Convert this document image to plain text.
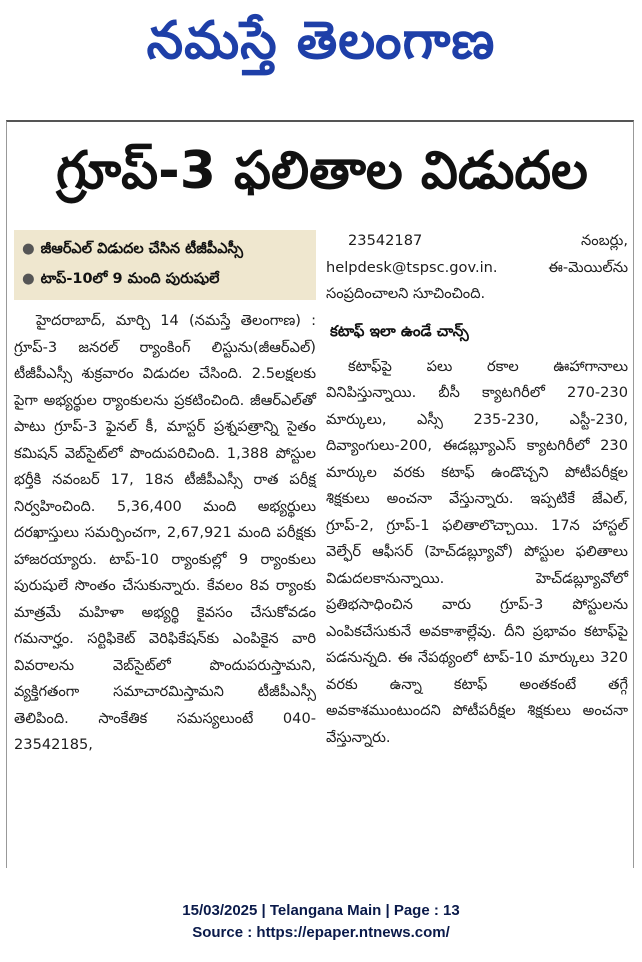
నమస్తే తెలంగాణ
గ్రూప్-3 ఫలితాల విడుదల
● జీఆర్ఎల్ విడుదల చేసిన టీజీపీఎస్సీ
● టాప్-10లో 9 మంది పురుషులే

హైదరాబాద్, మార్చి 14 (నమస్తే తెలంగాణ) : గ్రూప్-3 జనరల్ ర్యాంకింగ్ లిస్టును(జీఆర్ఎల్) టీజీపీఎస్సీ శుక్రవారం విడుదల చేసింది. 2.5లక్షలకు పైగా అభ్యర్థుల ర్యాంకులను ప్రకటించింది. జీఆర్ఎల్‌తో పాటు గ్రూప్-3 ఫైనల్ కీ, మాస్టర్ ప్రశ్నపత్రాన్ని సైతం కమిషన్ వెబ్‌సైట్‌లో పొందుపరిచింది. 1,388 పోస్టుల భర్తీకి నవంబర్ 17, 18న టీజీపీఎస్సీ రాత పరీక్ష నిర్వహించింది. 5,36,400 మంది అభ్యర్థులు దరఖాస్తులు సమర్పించగా, 2,67,921 మంది పరీక్షకు హాజరయ్యారు. టాప్-10 ర్యాంకుల్లో 9 ర్యాంకులు పురుషులే సొంతం చేసుకున్నారు. కేవలం 8వ ర్యాంకు మాత్రమే మహిళా అభ్యర్థి కైవసం చేసుకోవడం గమనార్హం. సర్టిఫికెట్ వెరిఫికేషన్‌కు ఎంపికైన వారి వివరాలను వెబ్‌సైట్‌లో పొందుపరుస్తామని, వ్యక్తిగతంగా సమాచారమిస్తామని టీజీపీఎస్సీ తెలిపింది. సాంకేతిక సమస్యలుంటే 040-23542185,

23542187 నంబర్లు, helpdesk@tspsc.gov.in. ఈ-మెయిల్‌ను సంప్రదించాలని సూచించింది.

కటాఫ్ ఇలా ఉండే చాన్స్

కటాఫ్‌పై పలు రకాల ఊహాగానాలు వినిపిస్తున్నాయి. బీసీ క్యాటగిరీలో 270-230 మార్కులు, ఎస్సీ 235-230, ఎస్టీ-230, దివ్యాంగులు-200, ఈడబ్ల్యూఎస్ క్యాటగిరీలో 230 మార్కుల వరకు కటాఫ్ ఉండొచ్చని పోటీపరీక్షల శిక్షకులు అంచనా వేస్తున్నారు. ఇప్పటికే జేఎల్, గ్రూప్-2, గ్రూప్-1 ఫలితాలొచ్చాయి. 17న హాస్టల్ వెల్ఫేర్ ఆఫీసర్ (హెచ్‌డబ్ల్యూవో) పోస్టుల ఫలితాలు విడుదలకానున్నాయి. హెచ్‌డబ్ల్యూవోలో ప్రతిభసాధించిన వారు గ్రూప్-3 పోస్టులను ఎంపికచేసుకునే అవకాశాల్లేవు. దీని ప్రభావం కటాఫ్‌పై పడనున్నది. ఈ నేపథ్యంలో టాప్-10 మార్కులు 320 వరకు ఉన్నా కటాఫ్ అంతకంటే తగ్గే అవకాశముంటుందని పోటీపరీక్షల శిక్షకులు అంచనా వేస్తున్నారు.

15/03/2025 | Telangana Main | Page : 13
Source : https://epaper.ntnews.com/
